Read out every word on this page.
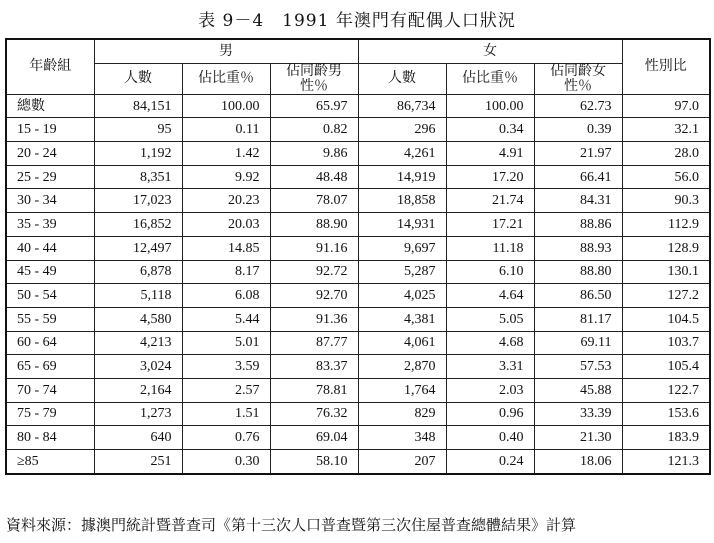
表 9－4　1991 年澳門有配偶人口狀況
年齡組	男			女			性別比
	人數	佔比重％	佔同齡男性％	人數	佔比重％	佔同齡女性％	
總數	84,151	100.00	65.97	86,734	100.00	62.73	97.0
15 - 19	95	0.11	0.82	296	0.34	0.39	32.1
20 - 24	1,192	1.42	9.86	4,261	4.91	21.97	28.0
25 - 29	8,351	9.92	48.48	14,919	17.20	66.41	56.0
30 - 34	17,023	20.23	78.07	18,858	21.74	84.31	90.3
35 - 39	16,852	20.03	88.90	14,931	17.21	88.86	112.9
40 - 44	12,497	14.85	91.16	9,697	11.18	88.93	128.9
45 - 49	6,878	8.17	92.72	5,287	6.10	88.80	130.1
50 - 54	5,118	6.08	92.70	4,025	4.64	86.50	127.2
55 - 59	4,580	5.44	91.36	4,381	5.05	81.17	104.5
60 - 64	4,213	5.01	87.77	4,061	4.68	69.11	103.7
65 - 69	3,024	3.59	83.37	2,870	3.31	57.53	105.4
70 - 74	2,164	2.57	78.81	1,764	2.03	45.88	122.7
75 - 79	1,273	1.51	76.32	829	0.96	33.39	153.6
80 - 84	640	0.76	69.04	348	0.40	21.30	183.9
≥85	251	0.30	58.10	207	0.24	18.06	121.3
資料來源：據澳門統計暨普查司《第十三次人口普查暨第三次住屋普查總體結果》計算
